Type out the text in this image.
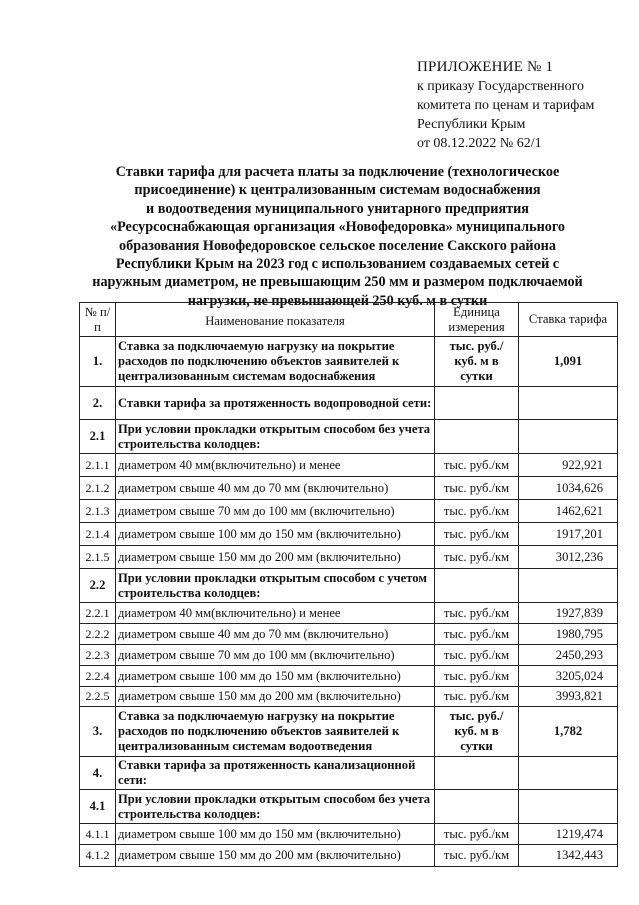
ПРИЛОЖЕНИЕ № 1
к приказу Государственного
комитета по ценам и тарифам
Республики Крым
от 08.12.2022 № 62/1
Ставки тарифа для расчета платы за подключение (технологическое
присоединение) к централизованным системам водоснабжения
и водоотведения муниципального унитарного предприятия
«Ресурсоснабжающая организация «Новофедоровка» муниципального
образования Новофедоровское сельское поселение Сакского района
Республики Крым на 2023 год с использованием создаваемых сетей с
наружным диаметром, не превышающим 250 мм и размером подключаемой
нагрузки, не превышающей 250 куб. м в сутки
№ п/п	Наименование показателя	Единица измерения	Ставка тарифа
1.	Ставка за подключаемую нагрузку на покрытие расходов по подключению объектов заявителей к централизованным системам водоснабжения	тыс. руб./ куб. м в сутки	1,091
2.	Ставки тарифа за протяженность водопроводной сети:		
2.1	При условии прокладки открытым способом без учета строительства колодцев:		
2.1.1	диаметром 40 мм(включительно) и менее	тыс. руб./км	922,921
2.1.2	диаметром свыше 40 мм до 70 мм (включительно)	тыс. руб./км	1034,626
2.1.3	диаметром свыше 70 мм до 100 мм (включительно)	тыс. руб./км	1462,621
2.1.4	диаметром свыше 100 мм до 150 мм (включительно)	тыс. руб./км	1917,201
2.1.5	диаметром свыше 150 мм до 200 мм (включительно)	тыс. руб./км	3012,236
2.2	При условии прокладки открытым способом с учетом строительства колодцев:		
2.2.1	диаметром 40 мм(включительно) и менее	тыс. руб./км	1927,839
2.2.2	диаметром свыше 40 мм до 70 мм (включительно)	тыс. руб./км	1980,795
2.2.3	диаметром свыше 70 мм до 100 мм (включительно)	тыс. руб./км	2450,293
2.2.4	диаметром свыше 100 мм до 150 мм (включительно)	тыс. руб./км	3205,024
2.2.5	диаметром свыше 150 мм до 200 мм (включительно)	тыс. руб./км	3993,821
3.	Ставка за подключаемую нагрузку на покрытие расходов по подключению объектов заявителей к централизованным системам водоотведения	тыс. руб./ куб. м в сутки	1,782
4.	Ставки тарифа за протяженность канализационной сети:		
4.1	При условии прокладки открытым способом без учета строительства колодцев:		
4.1.1	диаметром свыше 100 мм до 150 мм (включительно)	тыс. руб./км	1219,474
4.1.2	диаметром свыше 150 мм до 200 мм (включительно)	тыс. руб./км	1342,443
